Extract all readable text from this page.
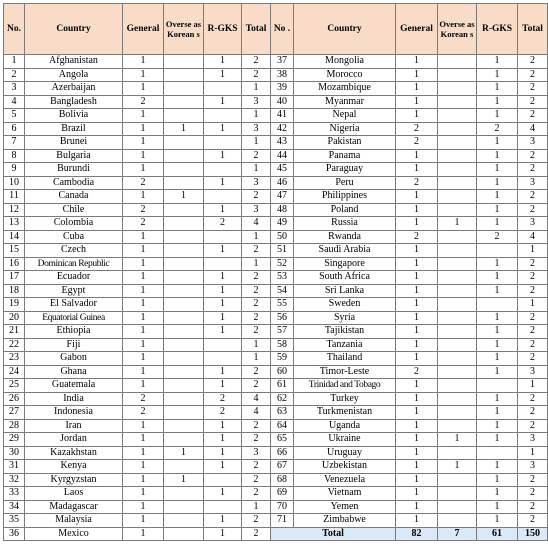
No.	Country	General	Overse as Korean s	R-GKS	Total	No .	Country	General	Overse as Korean s	R-GKS	Total
1	Afghanistan	1		1	2	37	Mongolia	1		1	2
2	Angola	1		1	2	38	Morocco	1		1	2
3	Azerbaijan	1			1	39	Mozambique	1		1	2
4	Bangladesh	2		1	3	40	Myanmar	1		1	2
5	Bolivia	1			1	41	Nepal	1		1	2
6	Brazil	1	1	1	3	42	Nigeria	2		2	4
7	Brunei	1			1	43	Pakistan	2		1	3
8	Bulgaria	1		1	2	44	Panama	1		1	2
9	Burundi	1			1	45	Paraguay	1		1	2
10	Cambodia	2		1	3	46	Peru	2		1	3
11	Canada	1	1		2	47	Philippines	1		1	2
12	Chile	2		1	3	48	Poland	1		1	2
13	Colombia	2		2	4	49	Russia	1	1	1	3
14	Cuba	1			1	50	Rwanda	2		2	4
15	Czech	1		1	2	51	Saudi Arabia	1			1
16	Dominican Republic	1			1	52	Singapore	1		1	2
17	Ecuador	1		1	2	53	South Africa	1		1	2
18	Egypt	1		1	2	54	Sri Lanka	1		1	2
19	El Salvador	1		1	2	55	Sweden	1			1
20	Equatorial Guinea	1		1	2	56	Syria	1		1	2
21	Ethiopia	1		1	2	57	Tajikistan	1		1	2
22	Fiji	1			1	58	Tanzania	1		1	2
23	Gabon	1			1	59	Thailand	1		1	2
24	Ghana	1		1	2	60	Timor-Leste	2		1	3
25	Guatemala	1		1	2	61	Trinidad and Tobago	1			1
26	India	2		2	4	62	Turkey	1		1	2
27	Indonesia	2		2	4	63	Turkmenistan	1		1	2
28	Iran	1		1	2	64	Uganda	1		1	2
29	Jordan	1		1	2	65	Ukraine	1	1	1	3
30	Kazakhstan	1	1	1	3	66	Uruguay	1			1
31	Kenya	1		1	2	67	Uzbekistan	1	1	1	3
32	Kyrgyzstan	1	1		2	68	Venezuela	1		1	2
33	Laos	1		1	2	69	Vietnam	1		1	2
34	Madagascar	1			1	70	Yemen	1		1	2
35	Malaysia	1		1	2	71	Zimbabwe	1		1	2
36	Mexico	1		1	2	Total		82	7	61	150
